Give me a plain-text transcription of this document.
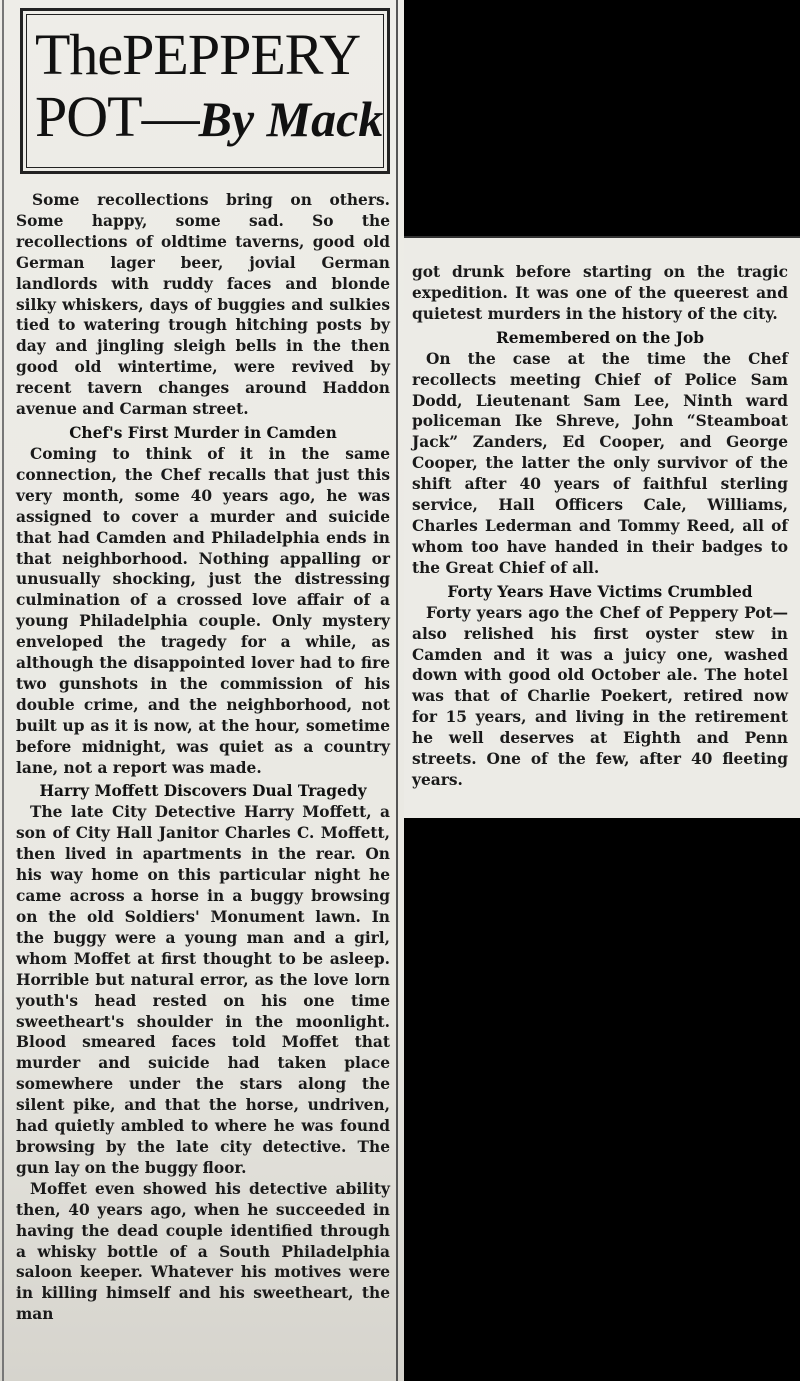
ThePEPPERY
POT—By Mack

Some recollections bring on others. Some happy, some sad. So the recollections of oldtime taverns, good old German lager beer, jovial German landlords with ruddy faces and blonde silky whiskers, days of buggies and sulkies tied to watering trough hitching posts by day and jingling sleigh bells in the then good old wintertime, were revived by recent tavern changes around Haddon avenue and Carman street.

Chef's First Murder in Camden

Coming to think of it in the same connection, the Chef recalls that just this very month, some 40 years ago, he was assigned to cover a murder and suicide that had Camden and Philadelphia ends in that neighborhood. Nothing appalling or unusually shocking, just the distressing culmination of a crossed love affair of a young Philadelphia couple. Only mystery enveloped the tragedy for a while, as although the disappointed lover had to fire two gunshots in the commission of his double crime, and the neighborhood, not built up as it is now, at the hour, sometime before midnight, was quiet as a country lane, not a report was made.

Harry Moffett Discovers Dual Tragedy

The late City Detective Harry Moffett, a son of City Hall Janitor Charles C. Moffett, then lived in apartments in the rear. On his way home on this particular night he came across a horse in a buggy browsing on the old Soldiers' Monument lawn. In the buggy were a young man and a girl, whom Moffet at first thought to be asleep. Horrible but natural error, as the love lorn youth's head rested on his one time sweetheart's shoulder in the moonlight. Blood smeared faces told Moffet that murder and suicide had taken place somewhere under the stars along the silent pike, and that the horse, undriven, had quietly ambled to where he was found browsing by the late city detective. The gun lay on the buggy floor.

Moffet even showed his detective ability then, 40 years ago, when he succeeded in having the dead couple identified through a whisky bottle of a South Philadelphia saloon keeper. Whatever his motives were in killing himself and his sweetheart, the man

got drunk before starting on the tragic expedition. It was one of the queerest and quietest murders in the history of the city.

Remembered on the Job

On the case at the time the Chef recollects meeting Chief of Police Sam Dodd, Lieutenant Sam Lee, Ninth ward policeman Ike Shreve, John “Steamboat Jack” Zanders, Ed Cooper, and George Cooper, the latter the only survivor of the shift after 40 years of faithful sterling service, Hall Officers Cale, Williams, Charles Lederman and Tommy Reed, all of whom too have handed in their badges to the Great Chief of all.

Forty Years Have Victims Crumbled

Forty years ago the Chef of Peppery Pot—also relished his first oyster stew in Camden and it was a juicy one, washed down with good old October ale. The hotel was that of Charlie Poekert, retired now for 15 years, and living in the retirement he well deserves at Eighth and Penn streets. One of the few, after 40 fleeting years.
